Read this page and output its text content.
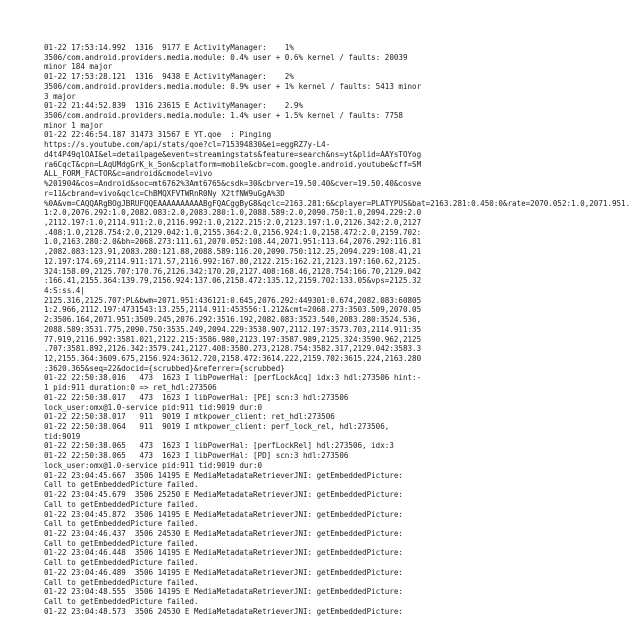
01-22 17:53:14.992  1316  9177 E ActivityManager:    1%
3506/com.android.providers.media.module: 0.4% user + 0.6% kernel / faults: 20039
minor 184 major
01-22 17:53:28.121  1316  9438 E ActivityManager:    2%
3506/com.android.providers.media.module: 0.9% user + 1% kernel / faults: 5413 minor
3 major
01-22 21:44:52.839  1316 23615 E ActivityManager:    2.9%
3506/com.android.providers.media.module: 1.4% user + 1.5% kernel / faults: 7758
minor 1 major
01-22 22:46:54.187 31473 31567 E YT.qoe  : Pinging
https://s.youtube.com/api/stats/qoe?cl=715394830&ei=eggRZ7y-L4-
d4t4P49qlOAI&el=detailpage&event=streamingstats&feature=search&ns=yt&plid=AAYsTOYog
ra6CqcT&cpn=LAqUMdgGrK_k_5on&cplatform=mobile&cbr=com.google.android.youtube&cff=SM
ALL_FORM_FACTOR&c=android&cmodel=vivo
%201904&cos=Android&soc=mt6762%3Amt6765&csdk=30&cbrver=19.50.40&cver=19.50.40&cosve
r=11&cbrand=vivo&qclc=ChBMQXFVTWRnR0Ny X2tfNW9uGgA%3D
%0A&vm=CAQQARgBOgJBRUFQQEAAAAAAAAAABgFQACggByG8&qclc=2163.281:6&cplayer=PLATYPUS&bat=2163.281:0.450:0&rate=2070.052:1.0,2071.951.
1:2.0,2076.292:1.0,2082.083:2.0,2083.280:1.0,2088.589:2.0,2090.750:1.0,2094.229:2.0
,2112.197:1.0,2114.911:2.0,2116.992:1.0,2122.215:2.0,2123.197:1.0,2126.342:2.0,2127
.408:1.0,2128.754:2.0,2129.042:1.0,2155.364:2.0,2156.924:1.0,2158.472:2.0,2159.702:
1.0,2163.280:2.0&bh=2068.273:111.61,2070.052:108.44,2071.951:113.64,2076.292:116.81
,2082.083:123.91,2083.280:121.88,2088.589:116.20,2090.750:112.25,2094.229:108.41,21
12.197:174.69,2114.911:171.57,2116.992:167.80,2122.215:162.21,2123.197:160.62,2125.
324:158.09,2125.707:170.76,2126.342:170.20,2127.408:168.46,2128.754:166.70,2129.042
:166.41,2155.364:139.79,2156.924:137.06,2158.472:135.12,2159.702:133.05&vps=2125.32
4:S:ss.4|
2125.316,2125.707:PL&bwm=2071.951:436121:0.645,2076.292:449301:0.674,2082.083:60805
1:2.966,2112.197:4731543:13.255,2114.911:453556:1.212&cmt=2068.273:3503.509,2070.05
2:3506.164,2071.951:3509.245,2076.292:3516.192,2082.083:3523.540,2083.280:3524.536,
2088.589:3531.775,2090.750:3535.249,2094.229:3538.907,2112.197:3573.703,2114.911:35
77.919,2116.992:3581.021,2122.215:3586.980,2123.197:3587.989,2125.324:3590.962,2125
.707:3581.892,2126.342:3579.241,2127.408:3580.273,2128.754:3582.317,2129.042:3583.3
12,2155.364:3609.675,2156.924:3612.720,2158.472:3614.222,2159.702:3615.224,2163.280
:3620.365&seq=22&docid={scrubbed}&referrer={scrubbed}
01-22 22:50:38.016   473  1623 I libPowerHal: [perfLockAcq] idx:3 hdl:273506 hint:-
1 pid:911 duration:0 => ret_hdl:273506
01-22 22:50:38.017   473  1623 I libPowerHal: [PE] scn:3 hdl:273506
lock_user:omx@1.0-service pid:911 tid:9019 dur:0
01-22 22:50:38.017   911  9019 I mtkpower_client: ret_hdl:273506
01-22 22:50:38.064   911  9019 I mtkpower_client: perf_lock_rel, hdl:273506,
tid:9019
01-22 22:50:38.065   473  1623 I libPowerHal: [perfLockRel] hdl:273506, idx:3
01-22 22:50:38.065   473  1623 I libPowerHal: [PD] scn:3 hdl:273506
lock_user:omx@1.0-service pid:911 tid:9019 dur:0
01-22 23:04:45.667  3506 14195 E MediaMetadataRetrieverJNI: getEmbeddedPicture:
Call to getEmbeddedPicture failed.
01-22 23:04:45.679  3506 25250 E MediaMetadataRetrieverJNI: getEmbeddedPicture:
Call to getEmbeddedPicture failed.
01-22 23:04:45.872  3506 14195 E MediaMetadataRetrieverJNI: getEmbeddedPicture:
Call to getEmbeddedPicture failed.
01-22 23:04:46.437  3506 24530 E MediaMetadataRetrieverJNI: getEmbeddedPicture:
Call to getEmbeddedPicture failed.
01-22 23:04:46.448  3506 14195 E MediaMetadataRetrieverJNI: getEmbeddedPicture:
Call to getEmbeddedPicture failed.
01-22 23:04:46.489  3506 14195 E MediaMetadataRetrieverJNI: getEmbeddedPicture:
Call to getEmbeddedPicture failed.
01-22 23:04:48.555  3506 14195 E MediaMetadataRetrieverJNI: getEmbeddedPicture:
Call to getEmbeddedPicture failed.
01-22 23:04:48.573  3506 24530 E MediaMetadataRetrieverJNI: getEmbeddedPicture:
